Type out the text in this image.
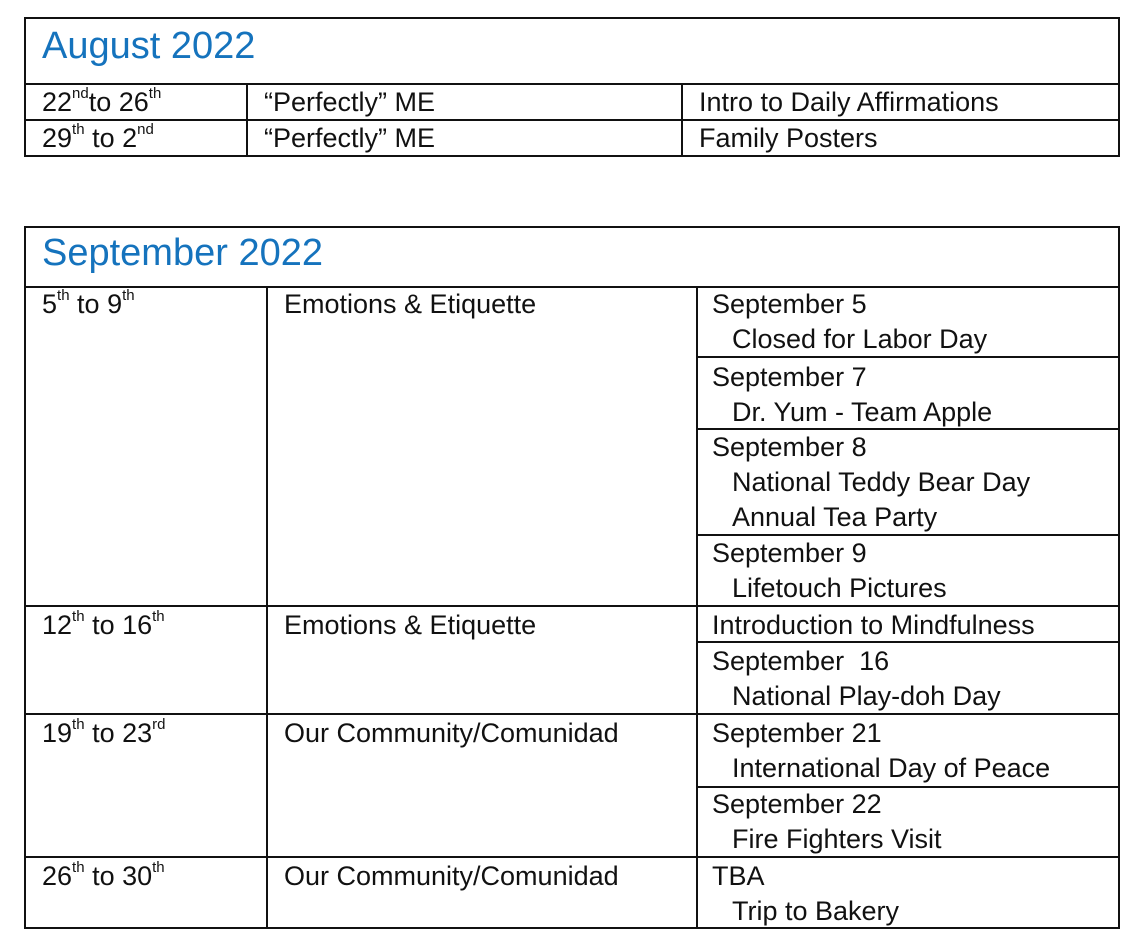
August 2022
22ndto 26th	“Perfectly” ME	Intro to Daily Affirmations
29th to 2nd	“Perfectly” ME	Family Posters
September 2022
5th to 9th	Emotions & Etiquette	September 5
Closed for Labor Day
September 7
Dr. Yum - Team Apple
September 8
National Teddy Bear Day
Annual Tea Party
September 9
Lifetouch Pictures
12th to 16th	Emotions & Etiquette	Introduction to Mindfulness
September  16
National Play-doh Day
19th to 23rd	Our Community/Comunidad	September 21
International Day of Peace
September 22
Fire Fighters Visit
26th to 30th	Our Community/Comunidad	TBA
Trip to Bakery
